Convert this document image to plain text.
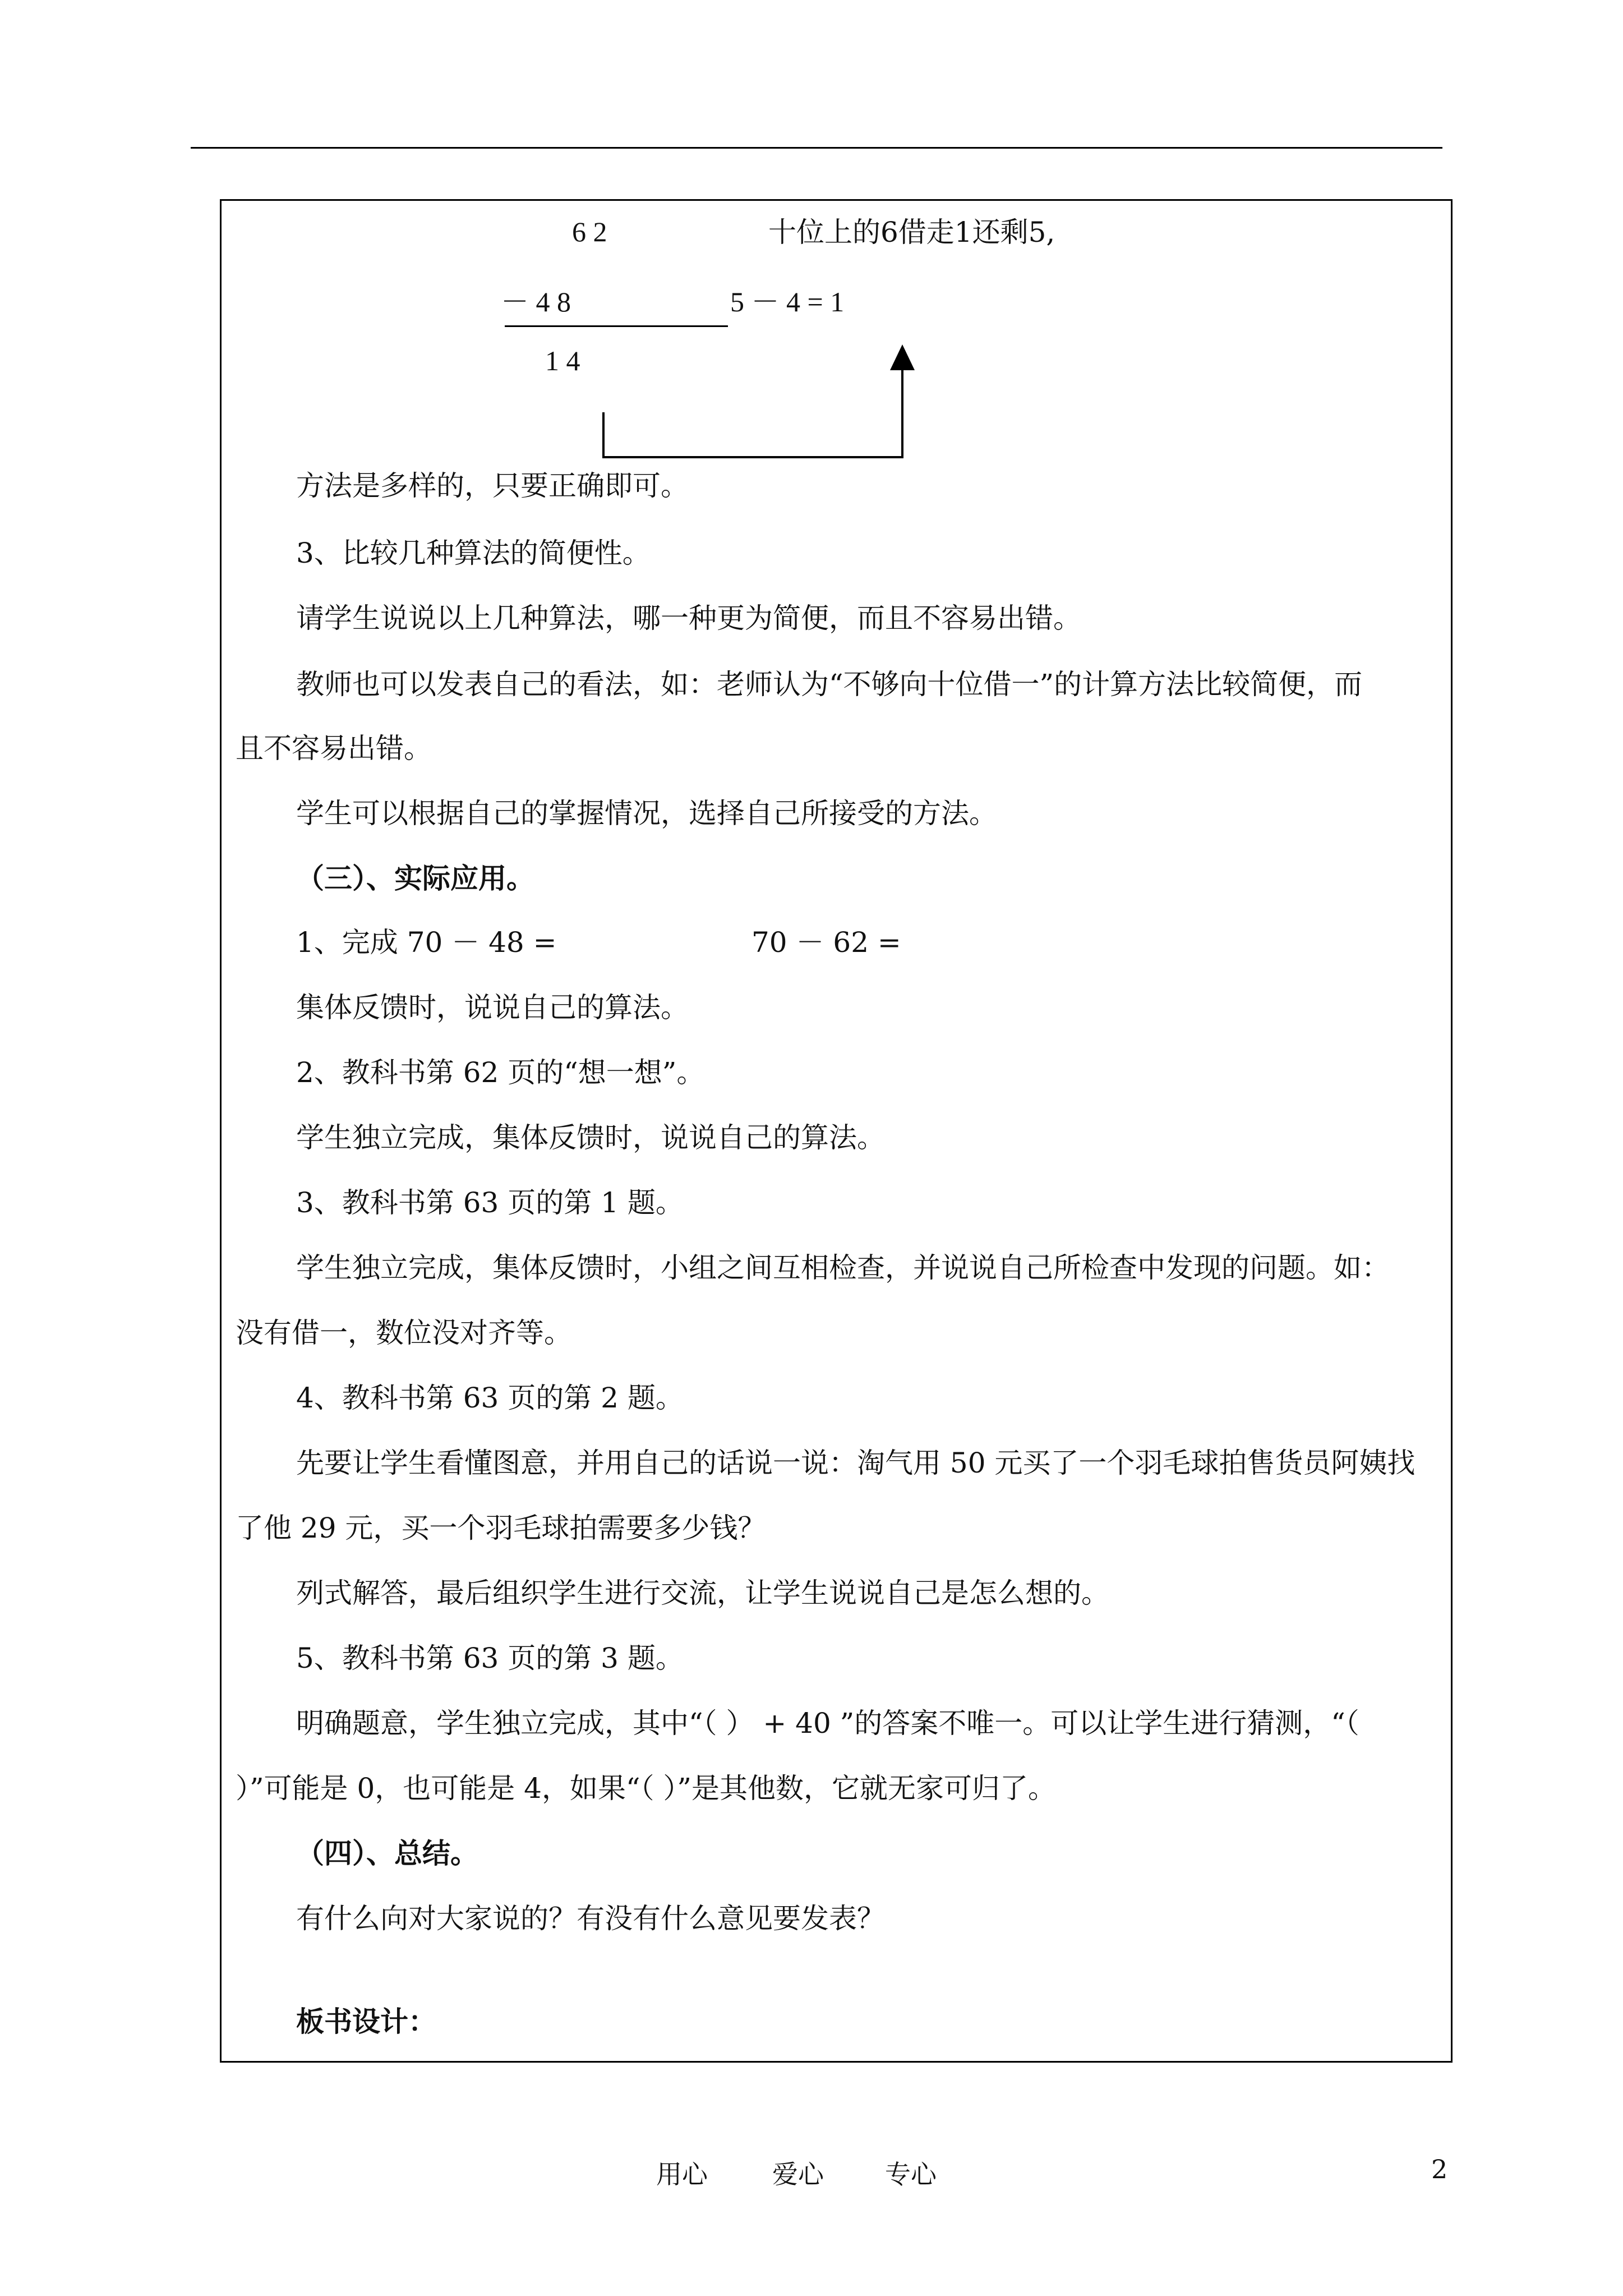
6 2	十位上的6借走1还剩5,
－ 4 8	5 － 4 = 1
1 4
方法是多样的，只要正确即可。
3、比较几种算法的简便性。
请学生说说以上几种算法，哪一种更为简便，而且不容易出错。
教师也可以发表自己的看法，如：老师认为“不够向十位借一”的计算方法比较简便，而
且不容易出错。
学生可以根据自己的掌握情况，选择自己所接受的方法。
（三）、实际应用。
1、完成 70 － 48 =	70 － 62 =
集体反馈时，说说自己的算法。
2、教科书第 62 页的“想一想”。
学生独立完成，集体反馈时，说说自己的算法。
3、教科书第 63 页的第 1 题。
学生独立完成，集体反馈时，小组之间互相检查，并说说自己所检查中发现的问题。如：
没有借一，数位没对齐等。
4、教科书第 63 页的第 2 题。
先要让学生看懂图意，并用自己的话说一说：淘气用 50 元买了一个羽毛球拍售货员阿姨找
了他 29 元，买一个羽毛球拍需要多少钱？
列式解答，最后组织学生进行交流，让学生说说自己是怎么想的。
5、教科书第 63 页的第 3 题。
明确题意，学生独立完成，其中“（ ） + 40 ”的答案不唯一。可以让学生进行猜测，“（
）”可能是 0，也可能是 4，如果“（ ）”是其他数，它就无家可归了。
（四）、总结。
有什么向对大家说的？有没有什么意见要发表？
板书设计：
用心	爱心 专心	2
